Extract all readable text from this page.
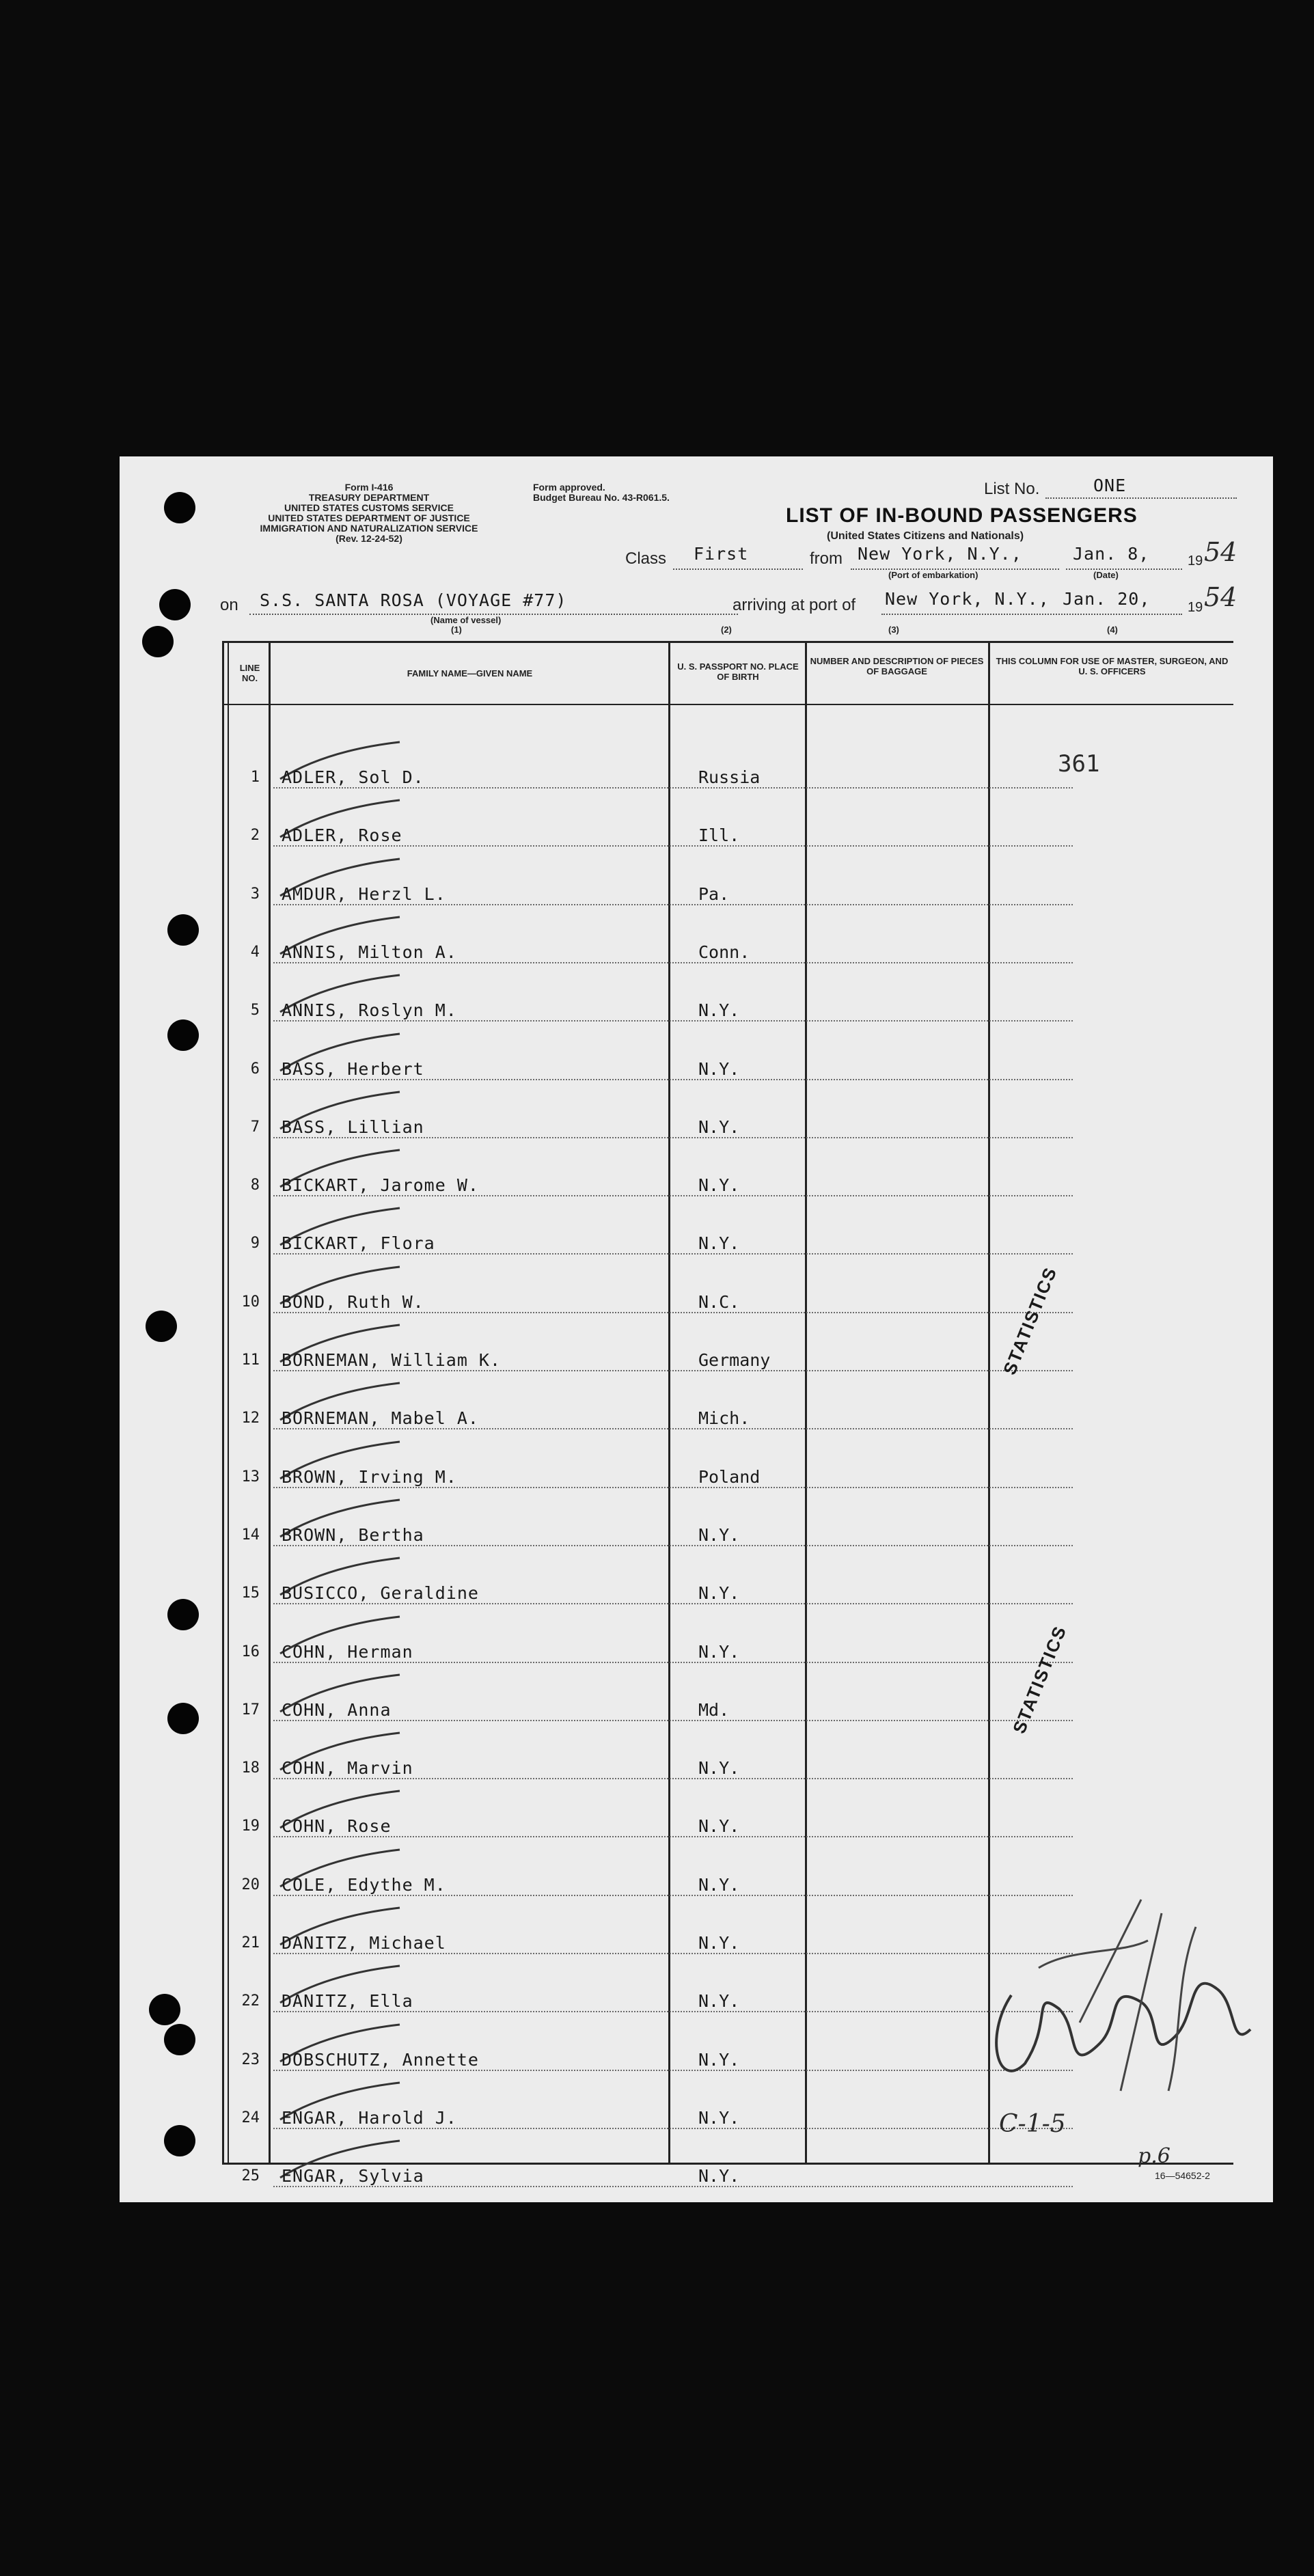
Form I-416
TREASURY DEPARTMENT
UNITED STATES CUSTOMS SERVICE
UNITED STATES DEPARTMENT OF JUSTICE
IMMIGRATION AND NATURALIZATION SERVICE
(Rev. 12-24-52)
Form approved.
Budget Bureau No. 43-R061.5.	List No.	ONE
LIST OF IN-BOUND PASSENGERS
(United States Citizens and Nationals)
Class First	from New York, N.Y.,
(Port of embarkation)
Jan. 8,
(Date)
19 54
on S.S. SANTA ROSA (VOYAGE #77)
(Name of vessel)
(1)
arriving at port of New York, N.Y., Jan. 20,	19 54
(2)	(3)	(4)
LINE NO.	FAMILY NAME—GIVEN NAME
U. S. PASSPORT NO. PLACE OF BIRTH
NUMBER AND DESCRIPTION OF PIECES OF BAGGAGE
THIS COLUMN FOR USE OF MASTER, SURGEON, AND U. S. OFFICERS
1 ADLER, Sol D.	Russia
2 ADLER, Rose	Ill.
3 AMDUR, Herzl L.	Pa.
4 ANNIS, Milton A.	Conn.
5 ANNIS, Roslyn M.	N.Y.
6 BASS, Herbert	N.Y.
7 BASS, Lillian	N.Y.
8 BICKART, Jarome W.	N.Y.
9 BICKART, Flora	N.Y.
10 BOND, Ruth W.	N.C.
11 BORNEMAN, William K.	Germany
12 BORNEMAN, Mabel A.	Mich.
13 BROWN, Irving M.	Poland
14 BROWN, Bertha	N.Y.
15 BUSICCO, Geraldine	N.Y.
16 COHN, Herman	N.Y.
17 COHN, Anna	Md.
18 COHN, Marvin	N.Y.
19 COHN, Rose	N.Y.
20 COLE, Edythe M.	N.Y.
21 DANITZ, Michael	N.Y.
22 DANITZ, Ella	N.Y.
23 DOBSCHUTZ, Annette	N.Y.
24 ENGAR, Harold J.	N.Y.
25 ENGAR, Sylvia	N.Y.
361
STATISTICS
STATISTICS
C-1-5
p.6
16—54652-2
